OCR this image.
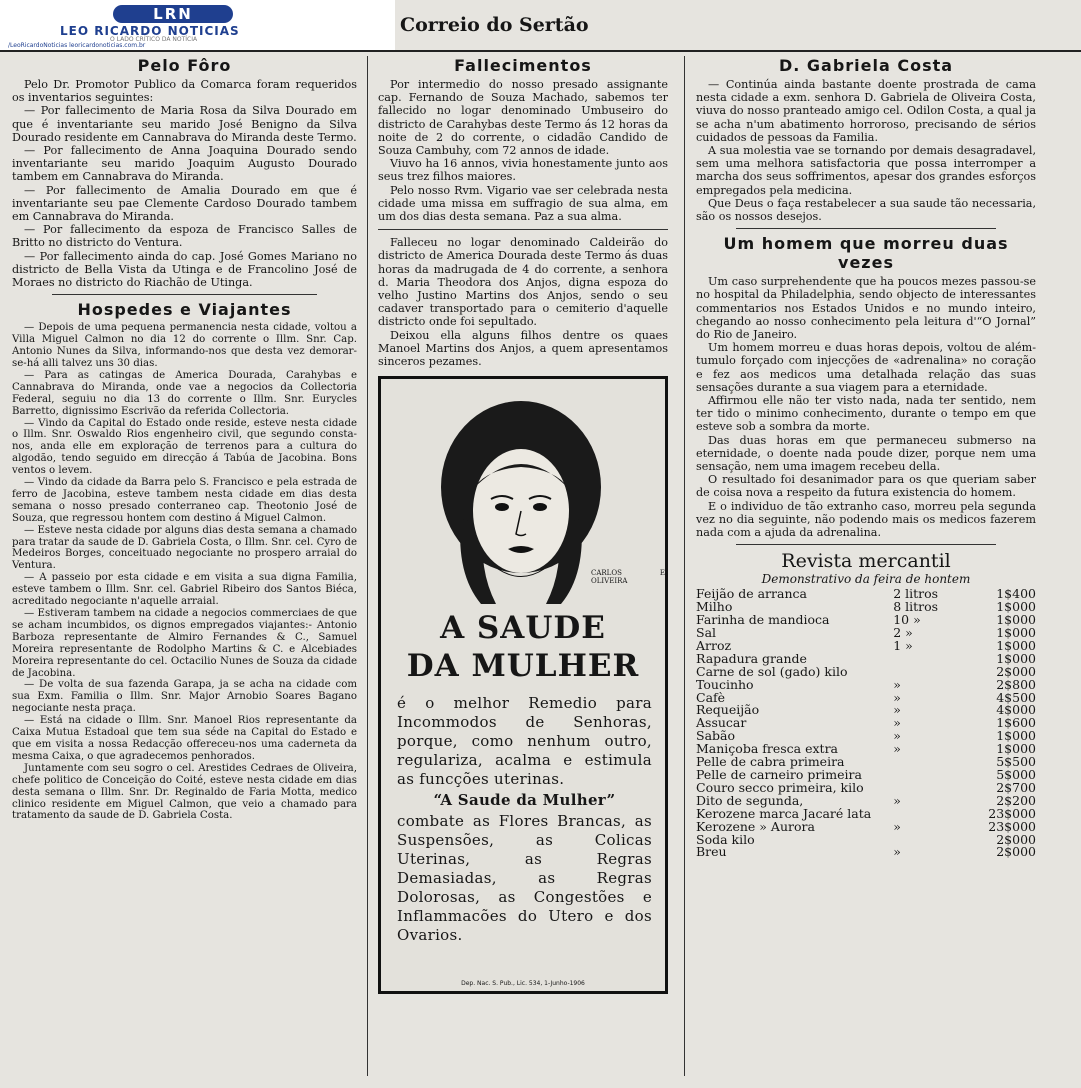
LRN
LEO RICARDO NOTICIAS
O LADO CRÍTICO DA NOTÍCIA
/LeoRicardoNoticias leoricardonoticias.com.br
Correio do Sertão
Pelo Fôro

Pelo Dr. Promotor Publico da Comarca foram requeridos os inventarios seguintes:

— Por fallecimento de Maria Rosa da Silva Dourado em que é inventariante seu marido José Benigno da Silva Dourado residente em Cannabrava do Miranda deste Termo.

— Por fallecimento de Anna Joaquina Dourado sendo inventariante seu marido Joaquim Augusto Dourado tambem em Cannabrava do Miranda.

— Por fallecimento de Amalia Dourado em que é inventariante seu pae Clemente Cardoso Dourado tambem em Cannabrava do Miranda.

— Por fallecimento da espoza de Francisco Salles de Britto no districto do Ventura.

— Por fallecimento ainda do cap. José Gomes Mariano no districto de Bella Vista da Utinga e de Francolino José de Moraes no districto do Riachão de Utinga.

Hospedes e Viajantes

— Depois de uma pequena permanencia nesta cidade, voltou a Villa Miguel Calmon no dia 12 do corrente o Illm. Snr. Cap. Antonio Nunes da Silva, informando-nos que desta vez demorar-se-há alli talvez uns 30 dias.

— Para as catingas de America Dourada, Carahybas e Cannabrava do Miranda, onde vae a negocios da Collectoria Federal, seguiu no dia 13 do corrente o Illm. Snr. Eurycles Barretto, dignissimo Escrivão da referida Collectoria.

— Vindo da Capital do Estado onde reside, esteve nesta cidade o Illm. Snr. Oswaldo Rios engenheiro civil, que segundo consta-nos, anda elle em exploração de terrenos para a cultura do algodão, tendo seguido em direcção á Tabúa de Jacobina. Bons ventos o levem.

— Vindo da cidade da Barra pelo S. Francisco e pela estrada de ferro de Jacobina, esteve tambem nesta cidade em dias desta semana o nosso presado conterraneo cap. Theotonio José de Souza, que regressou hontem com destino á Miguel Calmon.

— Esteve nesta cidade por alguns dias desta semana a chamado para tratar da saude de D. Gabriela Costa, o Illm. Snr. cel. Cyro de Medeiros Borges, conceituado negociante no prospero arraial do Ventura.

— A passeio por esta cidade e em visita a sua digna Familia, esteve tambem o Illm. Snr. cel. Gabriel Ribeiro dos Santos Biéca, acreditado negociante n'aquelle arraial.

— Estiveram tambem na cidade a negocios commerciaes de que se acham incumbidos, os dignos empregados viajantes:- Antonio Barboza representante de Almiro Fernandes & C., Samuel Moreira representante de Rodolpho Martins & C. e Alcebiades Moreira representante do cel. Octacilio Nunes de Souza da cidade de Jacobina.

— De volta de sua fazenda Garapa, ja se acha na cidade com sua Exm. Familia o Illm. Snr. Major Arnobio Soares Bagano negociante nesta praça.

— Está na cidade o Illm. Snr. Manoel Rios representante da Caixa Mutua Estadoal que tem sua séde na Capital do Estado e que em visita a nossa Redacção offereceu-nos uma caderneta da mesma Caixa, o que agradecemos penhorados.

Juntamente com seu sogro o cel. Arestides Cedraes de Oliveira, chefe politico de Conceição do Coité, esteve nesta cidade em dias desta semana o Illm. Snr. Dr. Reginaldo de Faria Motta, medico clinico residente em Miguel Calmon, que veio a chamado para tratamento da saude de D. Gabriela Costa.

Fallecimentos

Por intermedio do nosso presado assignante cap. Fernando de Souza Machado, sabemos ter fallecido no logar denominado Umbuseiro do districto de Carahybas deste Termo ás 12 horas da noite de 2 do corrente, o cidadão Candido de Souza Cambuhy, com 72 annos de idade.

Viuvo ha 16 annos, vivia honestamente junto aos seus trez filhos maiores.

Pelo nosso Rvm. Vigario vae ser celebrada nesta cidade uma missa em suffragio de sua alma, em um dos dias desta semana. Paz a sua alma.

Falleceu no logar denominado Caldeirão do districto de America Dourada deste Termo ás duas horas da madrugada de 4 do corrente, a senhora d. Maria Theodora dos Anjos, digna espoza do velho Justino Martins dos Anjos, sendo o seu cadaver transportado para o cemiterio d'aquelle districto onde foi sepultado.

Deixou ella alguns filhos dentre os quaes Manoel Martins dos Anjos, a quem apresentamos sinceros pezames.

CARLOS E OLIVEIRA
A SAUDE
DA MULHER

é o melhor Remedio para Incommodos de Senhoras, porque, como nenhum outro, regulariza, acalma e estimula as funcções uterinas.

“A Saude da Mulher”

combate as Flores Brancas, as Suspensões, as Colicas Uterinas, as Regras Demasiadas, as Regras Dolorosas, as Congestões e Inflammacões do Utero e dos Ovarios.

Dep. Nac. S. Pub., Lic. 534, 1-Junho-1906
D. Gabriela Costa

— Continúa ainda bastante doente prostrada de cama nesta cidade a exm. senhora D. Gabriela de Oliveira Costa, viuva do nosso pranteado amigo cel. Odilon Costa, a qual ja se acha n'um abatimento horroroso, precisando de sérios cuidados de pessoas da Familia.

A sua molestia vae se tornando por demais desagradavel, sem uma melhora satisfactoria que possa interromper a marcha dos seus soffrimentos, apesar dos grandes esforços empregados pela medicina.

Que Deus o faça restabelecer a sua saude tão necessaria, são os nossos desejos.

Um homem que morreu duas vezes

Um caso surprehendente que ha poucos mezes passou-se no hospital da Philadelphia, sendo objecto de interessantes commentarios nos Estados Unidos e no mundo inteiro, chegando ao nosso conhecimento pela leitura d'“O Jornal” do Rio de Janeiro.

Um homem morreu e duas horas depois, voltou de além-tumulo forçado com injecções de «adrenalina» no coração e fez aos medicos uma detalhada relação das suas sensações durante a sua viagem para a eternidade.

Affirmou elle não ter visto nada, nada ter sentido, nem ter tido o minimo conhecimento, durante o tempo em que esteve sob a sombra da morte.

Das duas horas em que permaneceu submerso na eternidade, o doente nada poude dizer, porque nem uma sensação, nem uma imagem recebeu della.

O resultado foi desanimador para os que queriam saber de coisa nova a respeito da futura existencia do homem.

E o individuo de tão extranho caso, morreu pela segunda vez no dia seguinte, não podendo mais os medicos fazerem nada com a ajuda da adrenalina.

Revista mercantil
Demonstrativo da feira de hontem
Feijão de arranca	2 litros	1$400
Milho	8 litros	1$000
Farinha de mandioca	10 »	1$000
Sal	2 »	1$000
Arroz	1 »	1$000
Rapadura grande		1$000
Carne de sol (gado) kilo		2$000
Toucinho	»	2$800
Cafè	»	4$500
Requeijão	»	4$000
Assucar	»	1$600
Sabão	»	1$000
Maniçoba fresca extra	»	1$000
Pelle de cabra primeira		5$500
Pelle de carneiro primeira		5$000
Couro secco primeira, kilo		2$700
Dito de segunda,	»	2$200
Kerozene marca Jacaré lata		23$000
Kerozene » Aurora	»	23$000
Soda kilo		2$000
Breu	»	2$000
